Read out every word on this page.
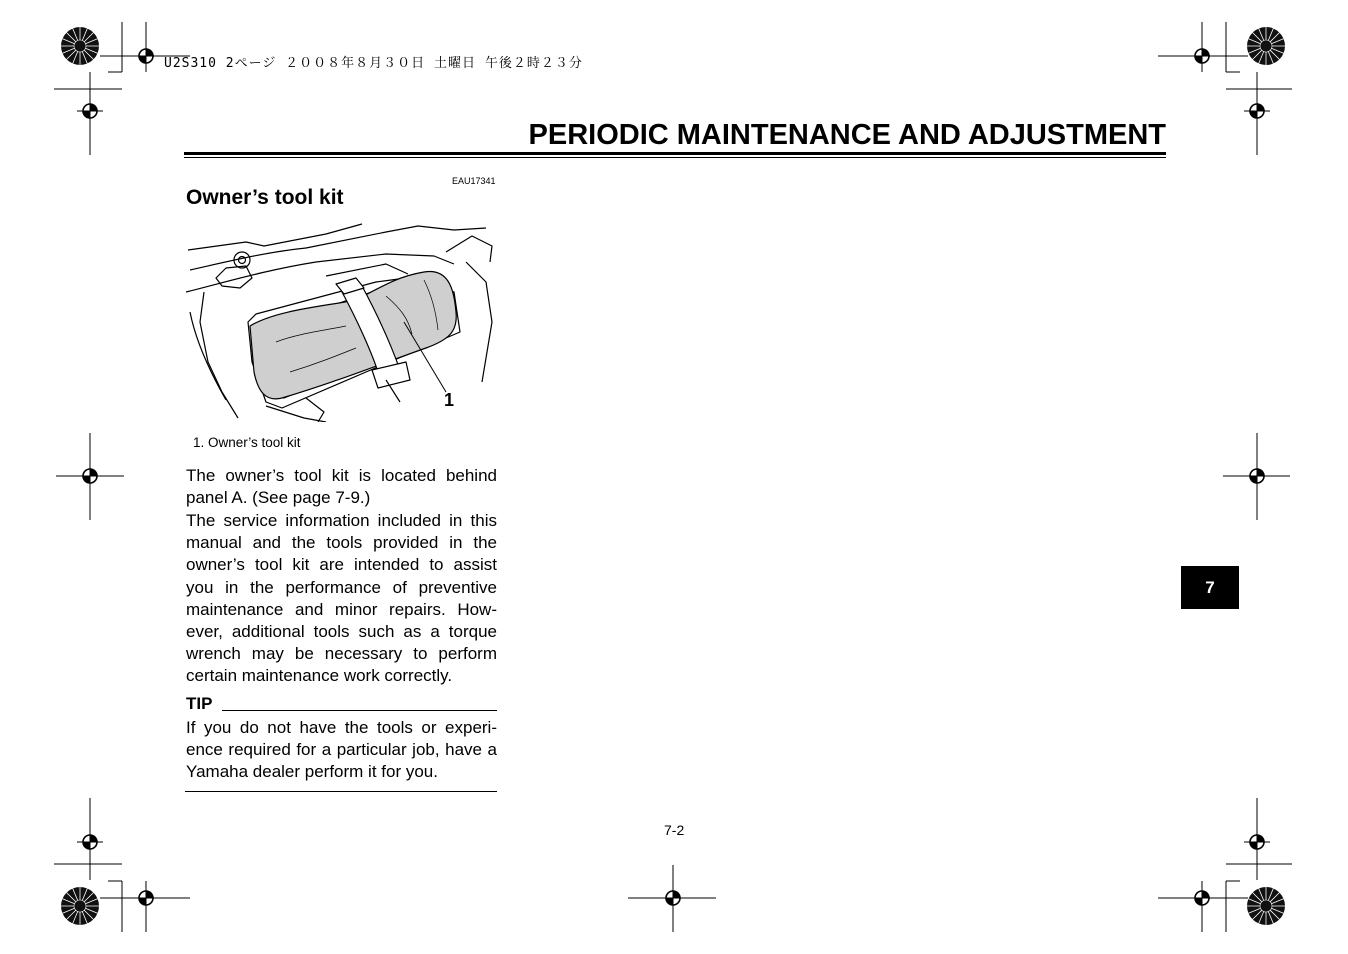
U2S310 2ページ ２００８年８月３０日 土曜日 午後２時２３分
PERIODIC MAINTENANCE AND ADJUSTMENT
EAU17341
Owner’s tool kit
1
1. Owner’s tool kit
The owner’s tool kit is located behind panel A. (See page 7-9.)
The service information included in this manual and the tools provided in the owner’s tool kit are intended to assist you in the performance of preventive maintenance and minor repairs. How-ever, additional tools such as a torque wrench may be necessary to perform certain maintenance work correctly.
TIP
If you do not have the tools or experi-ence required for a particular job, have a Yamaha dealer perform it for you.
7-2
7
